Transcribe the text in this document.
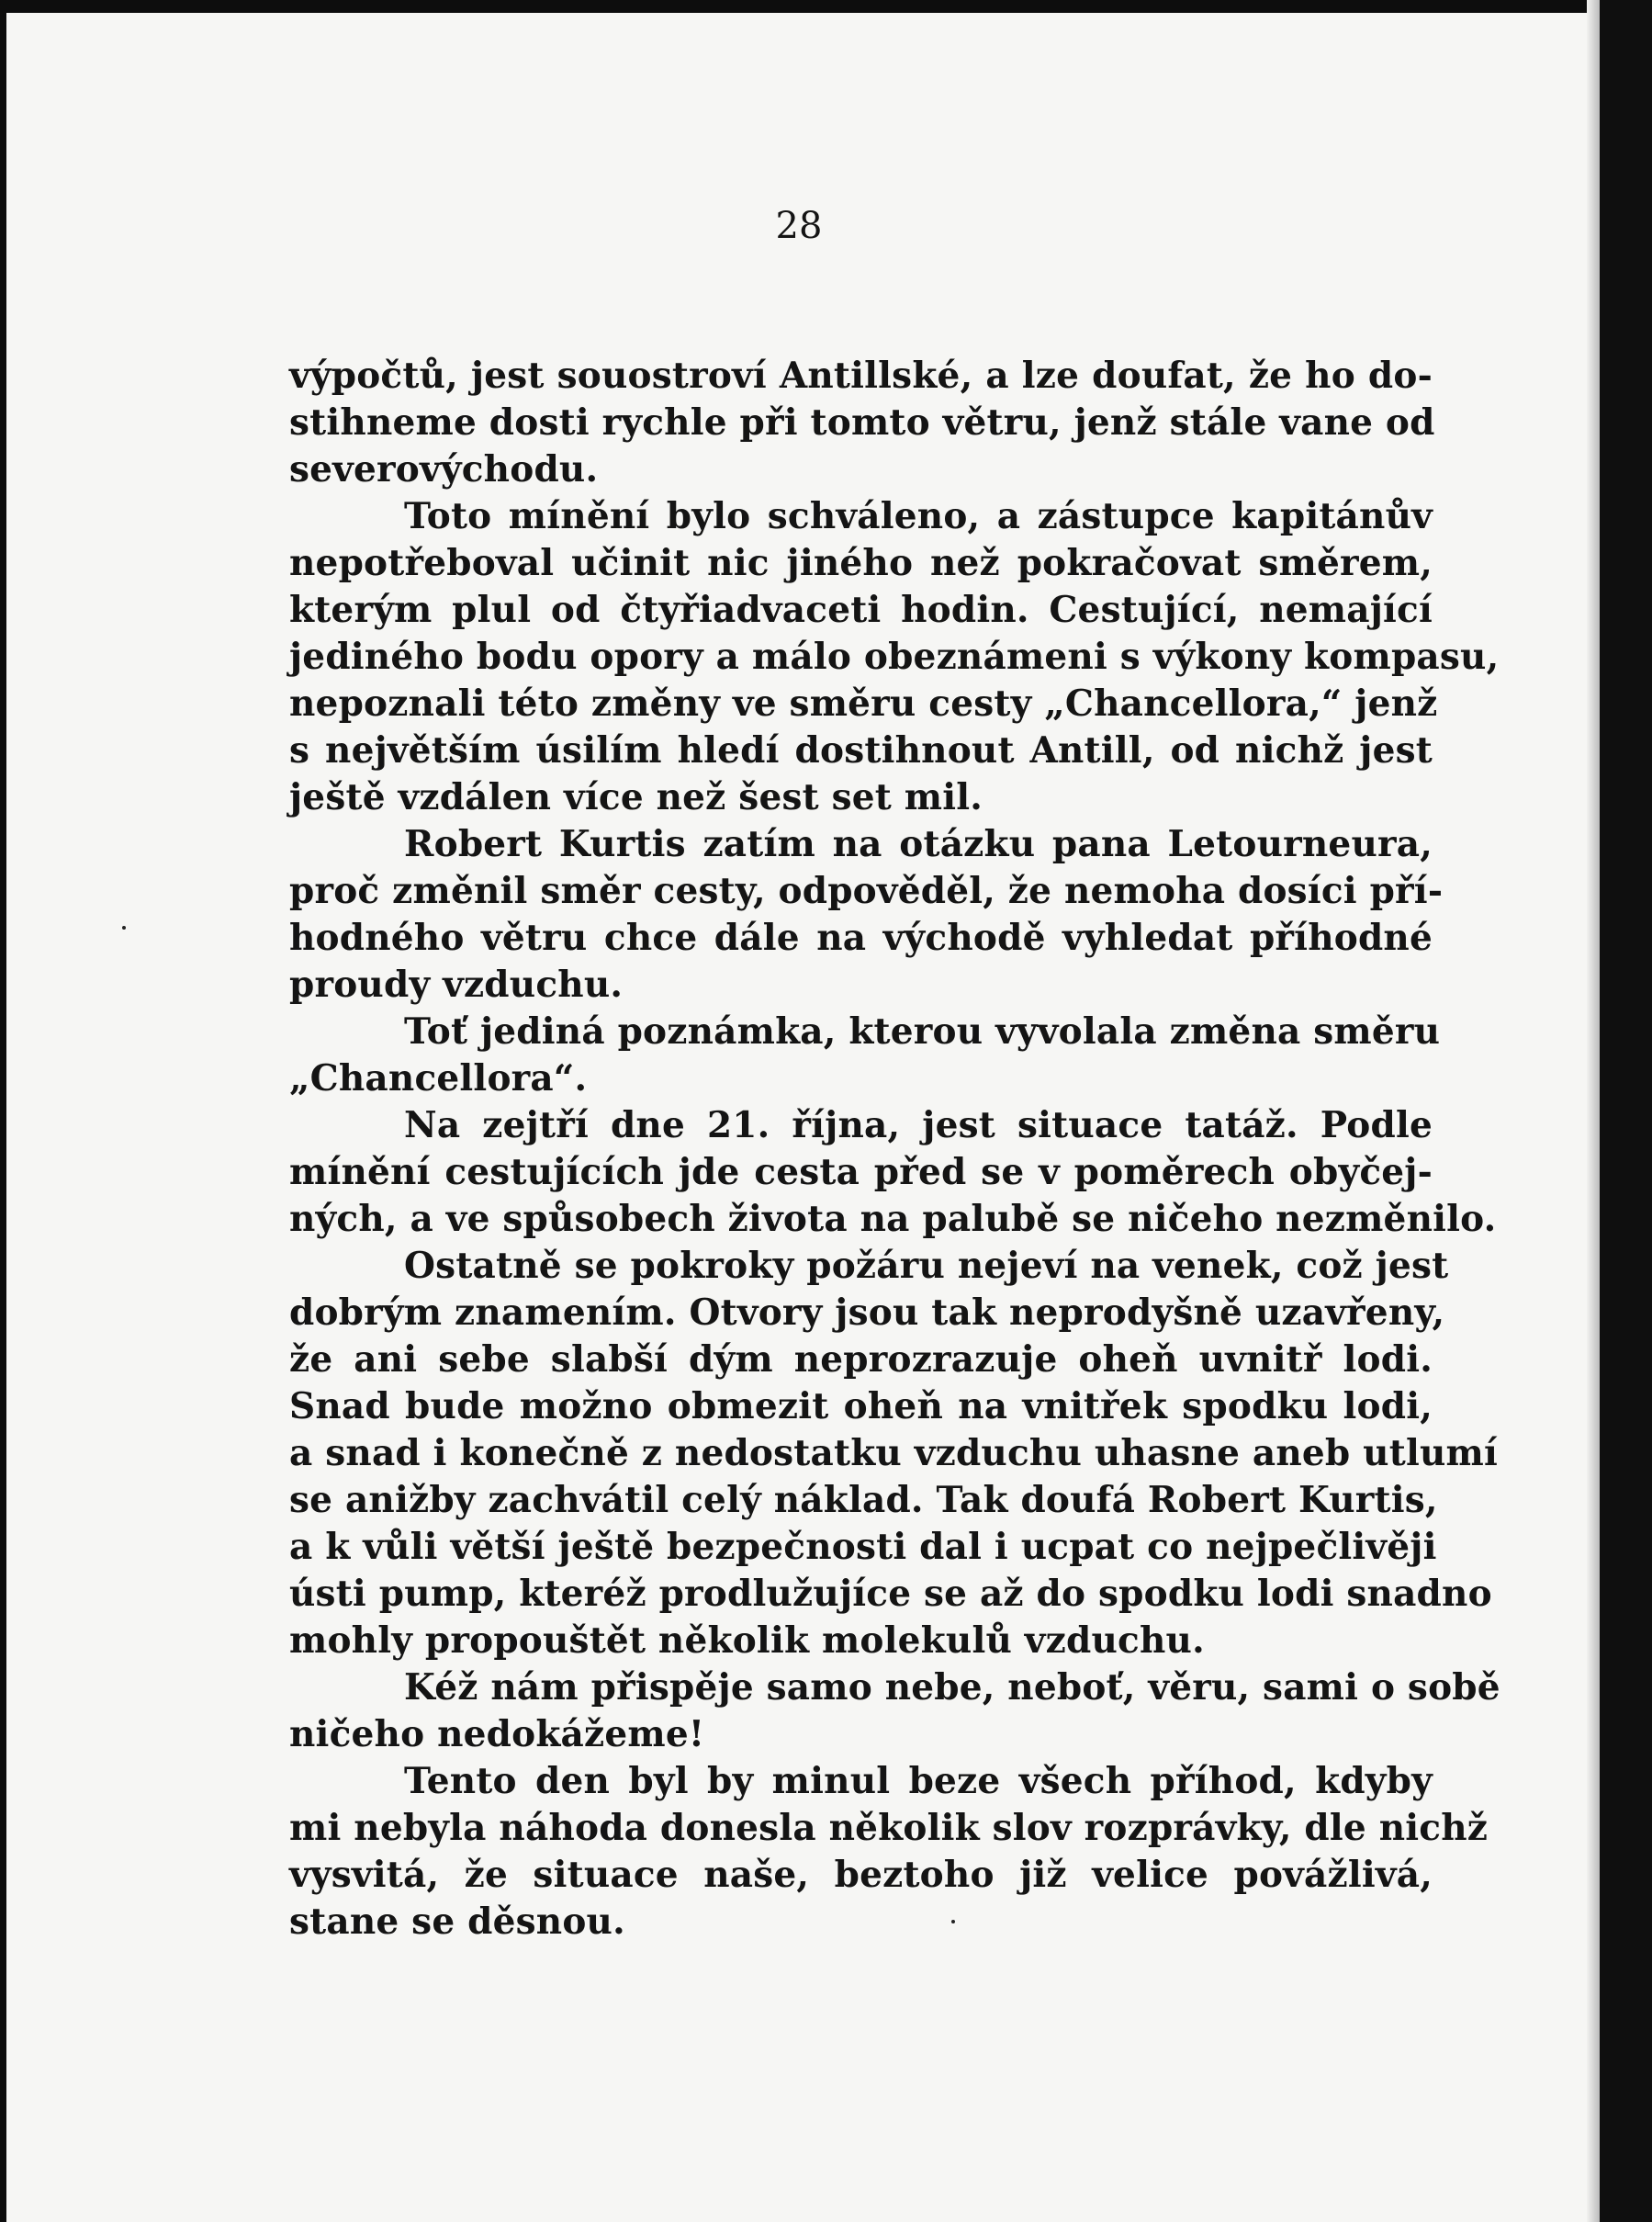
28
výpočtů, jest souostroví Antillské, a lze doufat, že ho do-
stihneme dosti rychle při tomto větru, jenž stále vane od
severovýchodu.
Toto mínění bylo schváleno, a zástupce kapitánův
nepotřeboval učinit nic jiného než pokračovat směrem,
kterým plul od čtyřiadvaceti hodin. Cestující, nemající
jediného bodu opory a málo obeznámeni s výkony kompasu,
nepoznali této změny ve směru cesty „Chancellora,“ jenž
s největším úsilím hledí dostihnout Antill, od nichž jest
ještě vzdálen více než šest set mil.
Robert Kurtis zatím na otázku pana Letourneura,
proč změnil směr cesty, odpověděl, že nemoha dosíci pří-
hodného větru chce dále na východě vyhledat příhodné
proudy vzduchu.
Toť jediná poznámka, kterou vyvolala změna směru
„Chancellora“.
Na zejtří dne 21. října, jest situace tatáž. Podle
mínění cestujících jde cesta před se v poměrech obyčej-
ných, a ve spůsobech života na palubě se ničeho nezměnilo.
Ostatně se pokroky požáru nejeví na venek, což jest
dobrým znamením. Otvory jsou tak neprodyšně uzavřeny,
že ani sebe slabší dým neprozrazuje oheň uvnitř lodi.
Snad bude možno obmezit oheň na vnitřek spodku lodi,
a snad i konečně z nedostatku vzduchu uhasne aneb utlumí
se anižby zachvátil celý náklad. Tak doufá Robert Kurtis,
a k vůli větší ještě bezpečnosti dal i ucpat co nejpečlivěji
ústi pump, kteréž prodlužujíce se až do spodku lodi snadno
mohly propouštět několik molekulů vzduchu.
Kéž nám přispěje samo nebe, neboť, věru, sami o sobě
ničeho nedokážeme!
Tento den byl by minul beze všech příhod, kdyby
mi nebyla náhoda donesla několik slov rozprávky, dle nichž
vysvitá, že situace naše, beztoho již velice povážlivá,
stane se děsnou.
